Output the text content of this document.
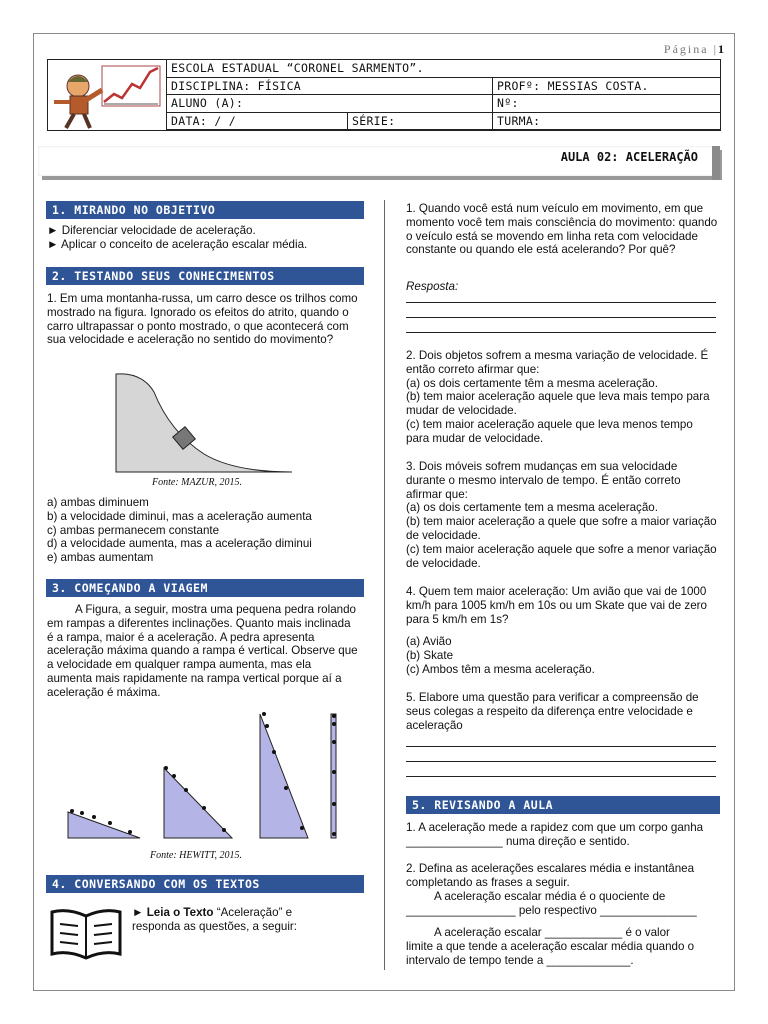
Página |1
ESCOLA ESTADUAL “CORONEL SARMENTO”.		
DISCIPLINA: FÍSICA		PROFº: MESSIAS COSTA.
ALUNO (A):		Nº:
DATA: / /	SÉRIE:	TURMA:
AULA 02: ACELERAÇÃO
1. MIRANDO NO OBJETIVO
► Diferenciar velocidade de aceleração.
► Aplicar o conceito de aceleração escalar média.
2. TESTANDO SEUS CONHECIMENTOS
1. Em uma montanha-russa, um carro desce os trilhos como mostrado na figura. Ignorado os efeitos do atrito, quando o carro ultrapassar o ponto mostrado, o que acontecerá com sua velocidade e aceleração no sentido do movimento?
Fonte: MAZUR, 2015.
a) ambas diminuem
b) a velocidade diminui, mas a aceleração aumenta
c) ambas permanecem constante
d) a velocidade aumenta, mas a aceleração diminui
e) ambas aumentam
3. COMEÇANDO A VIAGEM
A Figura, a seguir, mostra uma pequena pedra rolando em rampas a diferentes inclinações. Quanto mais inclinada é a rampa, maior é a aceleração. A pedra apresenta aceleração máxima quando a rampa é vertical. Observe que a velocidade em qualquer rampa aumenta, mas ela aumenta mais rapidamente na rampa vertical porque aí a aceleração é máxima.
Fonte: HEWITT, 2015.
4. CONVERSANDO COM OS TEXTOS
► Leia o Texto “Aceleração” e responda as questões, a seguir:
1. Quando você está num veículo em movimento, em que momento você tem mais consciência do movimento: quando o veículo está se movendo em linha reta com velocidade constante ou quando ele está acelerando? Por quê?
Resposta:
2. Dois objetos sofrem a mesma variação de velocidade. É então correto afirmar que:
(a) os dois certamente têm a mesma aceleração.
(b) tem maior aceleração aquele que leva mais tempo para mudar de velocidade.
(c) tem maior aceleração aquele que leva menos tempo para mudar de velocidade.
3. Dois móveis sofrem mudanças em sua velocidade durante o mesmo intervalo de tempo. É então correto afirmar que:
(a) os dois certamente tem a mesma aceleração.
(b) tem maior aceleração a quele que sofre a maior variação de velocidade.
(c) tem maior aceleração aquele que sofre a menor variação de velocidade.
4. Quem tem maior aceleração: Um avião que vai de 1000 km/h para 1005 km/h em 10s ou um Skate que vai de zero para 5 km/h em 1s?
(a) Avião
(b) Skate
(c) Ambos têm a mesma aceleração.
5. Elabore uma questão para verificar a compreensão de seus colegas a respeito da diferença entre velocidade e aceleração
5. REVISANDO A AULA
1. A aceleração mede a rapidez com que um corpo ganha _______________ numa direção e sentido.
2. Defina as acelerações escalares média e instantânea completando as frases a seguir.
A aceleração escalar média é o quociente de _________________ pelo respectivo _______________
A aceleração escalar ____________ é o valor
limite a que tende a aceleração escalar média quando o intervalo de tempo tende a _____________.
